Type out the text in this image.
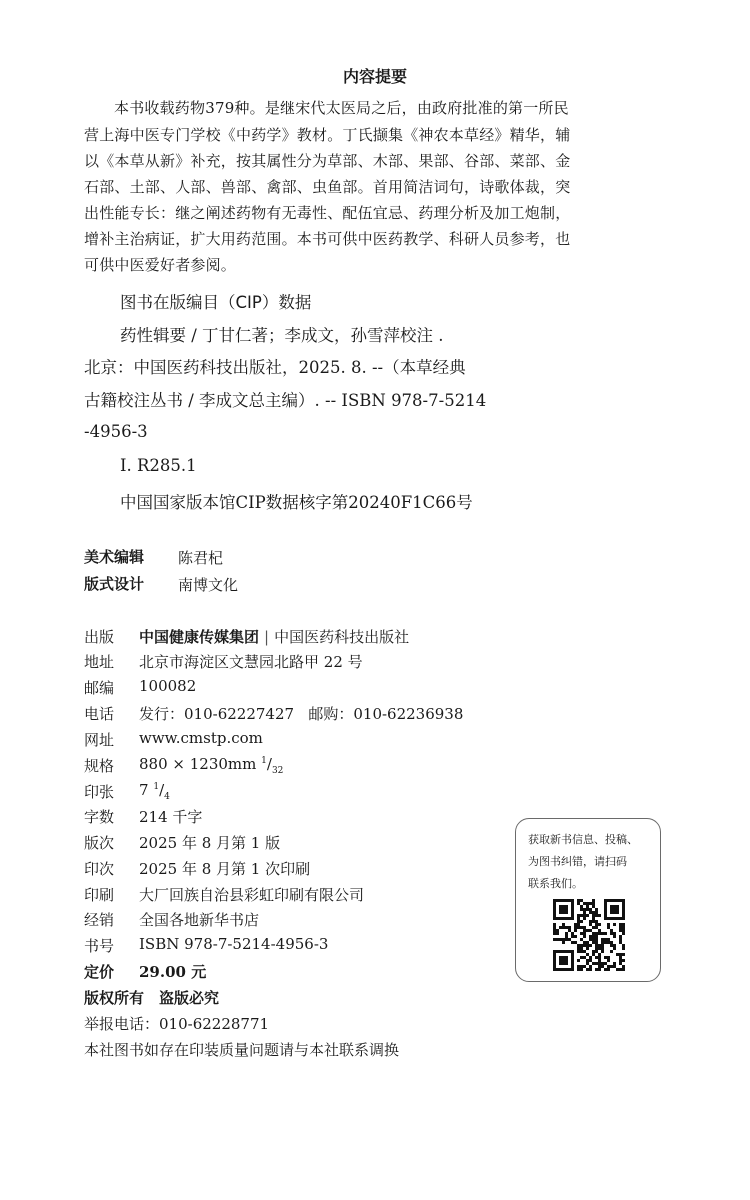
内容提要
本书收载药物379种。是继宋代太医局之后，由政府批准的第一所民
营上海中医专门学校《中药学》教材。丁氏撷集《神农本草经》精华，辅
以《本草从新》补充，按其属性分为草部、木部、果部、谷部、菜部、金
石部、土部、人部、兽部、禽部、虫鱼部。首用简洁词句，诗歌体裁，突
出性能专长：继之阐述药物有无毒性、配伍宜忌、药理分析及加工炮制，
增补主治病证，扩大用药范围。本书可供中医药教学、科研人员参考，也
可供中医爱好者参阅。
图书在版编目（CIP）数据
药性辑要 / 丁甘仁著；李成文，孙雪萍校注 .
北京：中国医药科技出版社，2025. 8. --（本草经典
古籍校注丛书 / 李成文总主编）. -- ISBN 978-7-5214
-4956-3
Ⅰ. R285.1
中国国家版本馆CIP数据核字第20240F1C66号
美术编辑 陈君杞
版式设计 南博文化
出版 中国健康传媒集团 | 中国医药科技出版社
地址 北京市海淀区文慧园北路甲 22 号
邮编 100082
电话 发行：010-62227427   邮购：010-62236938
网址 www.cmstp.com
规格 880 × 1230mm $^1/_{32}$
印张 7 $^1/_4$
字数 214 千字
版次 2025 年 8 月第 1 版
印次 2025 年 8 月第 1 次印刷
印刷 大厂回族自治县彩虹印刷有限公司
经销 全国各地新华书店
书号 ISBN 978-7-5214-4956-3
定价 29.00 元
版权所有　盗版必究
举报电话：010-62228771
本社图书如存在印装质量问题请与本社联系调换
获取新书信息、投稿、
为图书纠错，请扫码
联系我们。
